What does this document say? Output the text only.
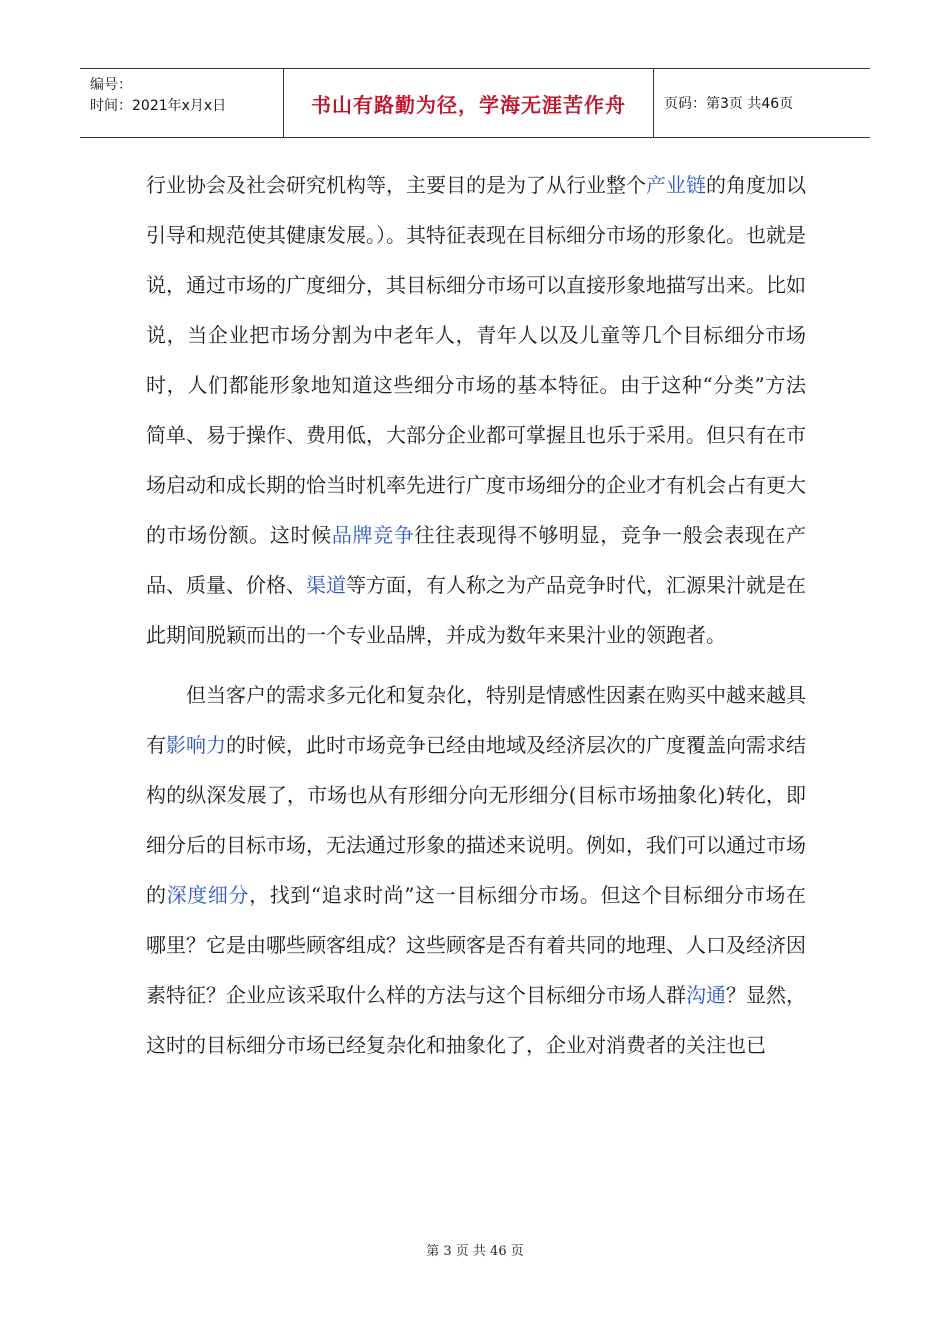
编号：
时间：2021年x月x日	书山有路勤为径，学海无涯苦作舟	页码：第3页 共46页

行业协会及社会研究机构等，主要目的是为了从行业整个产业链的角度加以引导和规范使其健康发展。）。其特征表现在目标细分市场的形象化。也就是说，通过市场的广度细分，其目标细分市场可以直接形象地描写出来。比如说，当企业把市场分割为中老年人，青年人以及儿童等几个目标细分市场时，人们都能形象地知道这些细分市场的基本特征。由于这种“分类”方法简单、易于操作、费用低，大部分企业都可掌握且也乐于采用。但只有在市场启动和成长期的恰当时机率先进行广度市场细分的企业才有机会占有更大的市场份额。这时候品牌竞争往往表现得不够明显，竞争一般会表现在产品、质量、价格、渠道等方面，有人称之为产品竞争时代，汇源果汁就是在此期间脱颖而出的一个专业品牌，并成为数年来果汁业的领跑者。

但当客户的需求多元化和复杂化，特别是情感性因素在购买中越来越具有影响力的时候，此时市场竞争已经由地域及经济层次的广度覆盖向需求结构的纵深发展了，市场也从有形细分向无形细分(目标市场抽象化)转化，即细分后的目标市场，无法通过形象的描述来说明。例如，我们可以通过市场的深度细分，找到“追求时尚”这一目标细分市场。但这个目标细分市场在哪里？它是由哪些顾客组成？这些顾客是否有着共同的地理、人口及经济因素特征？企业应该采取什么样的方法与这个目标细分市场人群沟通？显然，这时的目标细分市场已经复杂化和抽象化了，企业对消费者的关注也已

第 3 页 共 46 页
